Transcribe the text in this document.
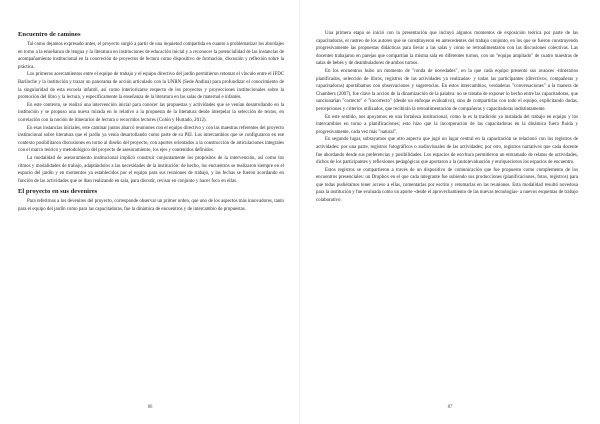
Encuentro de caminos

Tal como dejamos expresado antes, el proyecto surgió a partir de una inquietud compartida en cuanto a problematizar los abordajes en torno a la enseñanza de lengua y la literatura en instituciones de educación inicial y a reconocer la potencialidad de las instancias de acompañamiento institucional en la concreción de proyectos de lectura como dispositivo de formación, discusión y reflexión sobre la práctica.

Los primeros acercamientos entre el equipo de trabajo y el equipo directivo del jardín permitieron retomar el vínculo entre el IFDC Bariloche y la institución y trazar un panorama de acción articulado con la UNRN (Sede Andina) para profundizar el conocimiento de la singularidad de esta escuela infantil, así como interiorizarse respecto de los proyectos y proyecciones institucionales sobre la promoción del libro y la lectura, y especificamente la enseñanza de la literatura en las salas de maternal e infantes.

En este contexto, se realizó una intervención inicial para conocer las propuestas y actividades que se venían desarrollando en la institución y se propuso una nueva mirada en lo relativo a la propuesta de la literatura desde interpelar la selección de textos, en correlación con la noción de itinerarios de lectura o recorridos lectores (Colón y Hurtado, 2012).

En esas instancias iniciales, este caminar juntos abarcó reuniones con el equipo directivo y con las maestras referentes del proyecto institucional sobre literatura que el jardín ya venía desarrollando como parte de su PEI. Los intercambios que se configuraron en ese contexto posibilitaron discusiones en torno al diseño del proyecto, con aportes orientados a la construcción de articulaciones integrales con el marco teórico y metodológico del proyecto de asesoramiento, los ejes y contenidos definidos.

La modalidad de asesoramiento institucional implicó construir conjuntamente los propósitos de la intervención, así como los ritmos y modalidades de trabajo, adaptándolos a las necesidades de la institución: de hecho, los encuentros se realizaron siempre en el espacio del jardín y en momentos ya establecidos por el equipo para sus reuniones de trabajo, y las fechas se fueron acordando en función de las actividades que se iban realizando en sala, para discutir, revisar en conjunto y hacer foco en ellas.

El proyecto en sus devenires

Para referirnos a los devenires del proyecto, corresponde observar un primer orden, que uno de los aspectos más innovadores, tanto para el equipo del jardín como para las capacitadoras, fue la dinámica de encuentros y de intercambio de propuestas.

86

Una primera etapa se inició con la presentación que incluyó algunos momentos de exposición teórica por parte de las capacitadoras, el rastreo de los autores que se constituyeron en antecedentes del trabajo conjunto, en los que se fueron construyendo progresivamente las propuestas didácticas para llevar a las salas y cómo se retroalimentaron con las discusiones colectivas. Las docentes trabajaron en parejas que compartían la misma sala en diferentes turnos, con un "equipo ampliado" de cuatro maestras de salas de bebés y de deambuladores de ambos turnos.

En los encuentros hubo un momento de "ronda de novedades", en la que cada equipo presentó sus avances -itinerarios planificados, selección de libros, registros de las actividades ya realizadas- y todas las participantes (directivos, compañeras y capacitadoras) aportábamos con observaciones y sugerencias. En estos intercambios, verdaderas "conversaciones" a la manera de Chambers (2007), fue clave la acción de la dinamización de la palabra: no se trataba de exponer lo hecho entre las capacitadoras, que sancionarían "correcto" o "incorrecto" (desde un enfoque evaluativo), sino de compartirlas con todo el equipo, explicitando dudas, percepciones y criterios utilizados, que recibirán la retroalimentación de compañeras y capacitadoras indistintamente.

En este sentido, nos apoyamos en una fortaleza institucional, como lo es la tradición ya instalada del trabajo en equipo y los intercambios en torno a planificaciones; esto hizo que la incorporación de las capacitadoras en la dinámica fuera fluida y progresivamente, cada vez más "natural".

En segundo lugar, subrayamos que otro aspecto que jugó un lugar central en la capacitación se relacionó con los registros de actividades: por una parte, registros fotográficos o audiovisuales de las actividades; por otro, registros narrativos que cada docente fue abordando desde sus preferencias y posibilidades. Los espacios de escritura permitieron un entramado de relatos de actividades, dichos de los participantes y reflexiones pedagógicas que aportaron a la (auto)evaluación y enriquecieron los espacios de encuentro.

Estos registros se compartieron a través de un dispositivo de comunicación que fue propuesto como complemento de los encuentros presenciales: un Dropbox en el que cada integrante fue subiendo sus producciones (planificaciones, fotos, registros) para que todas pudiéramos tener acceso a ellas, comentarlas por escrito y retomarlas en las reuniones. Esta modalidad resultó novedosa para la institución y fue evaluada como un aporte -desde el aprovechamiento de las nuevas tecnologías- a nuevos esquemas de trabajo colaborativo.

87
